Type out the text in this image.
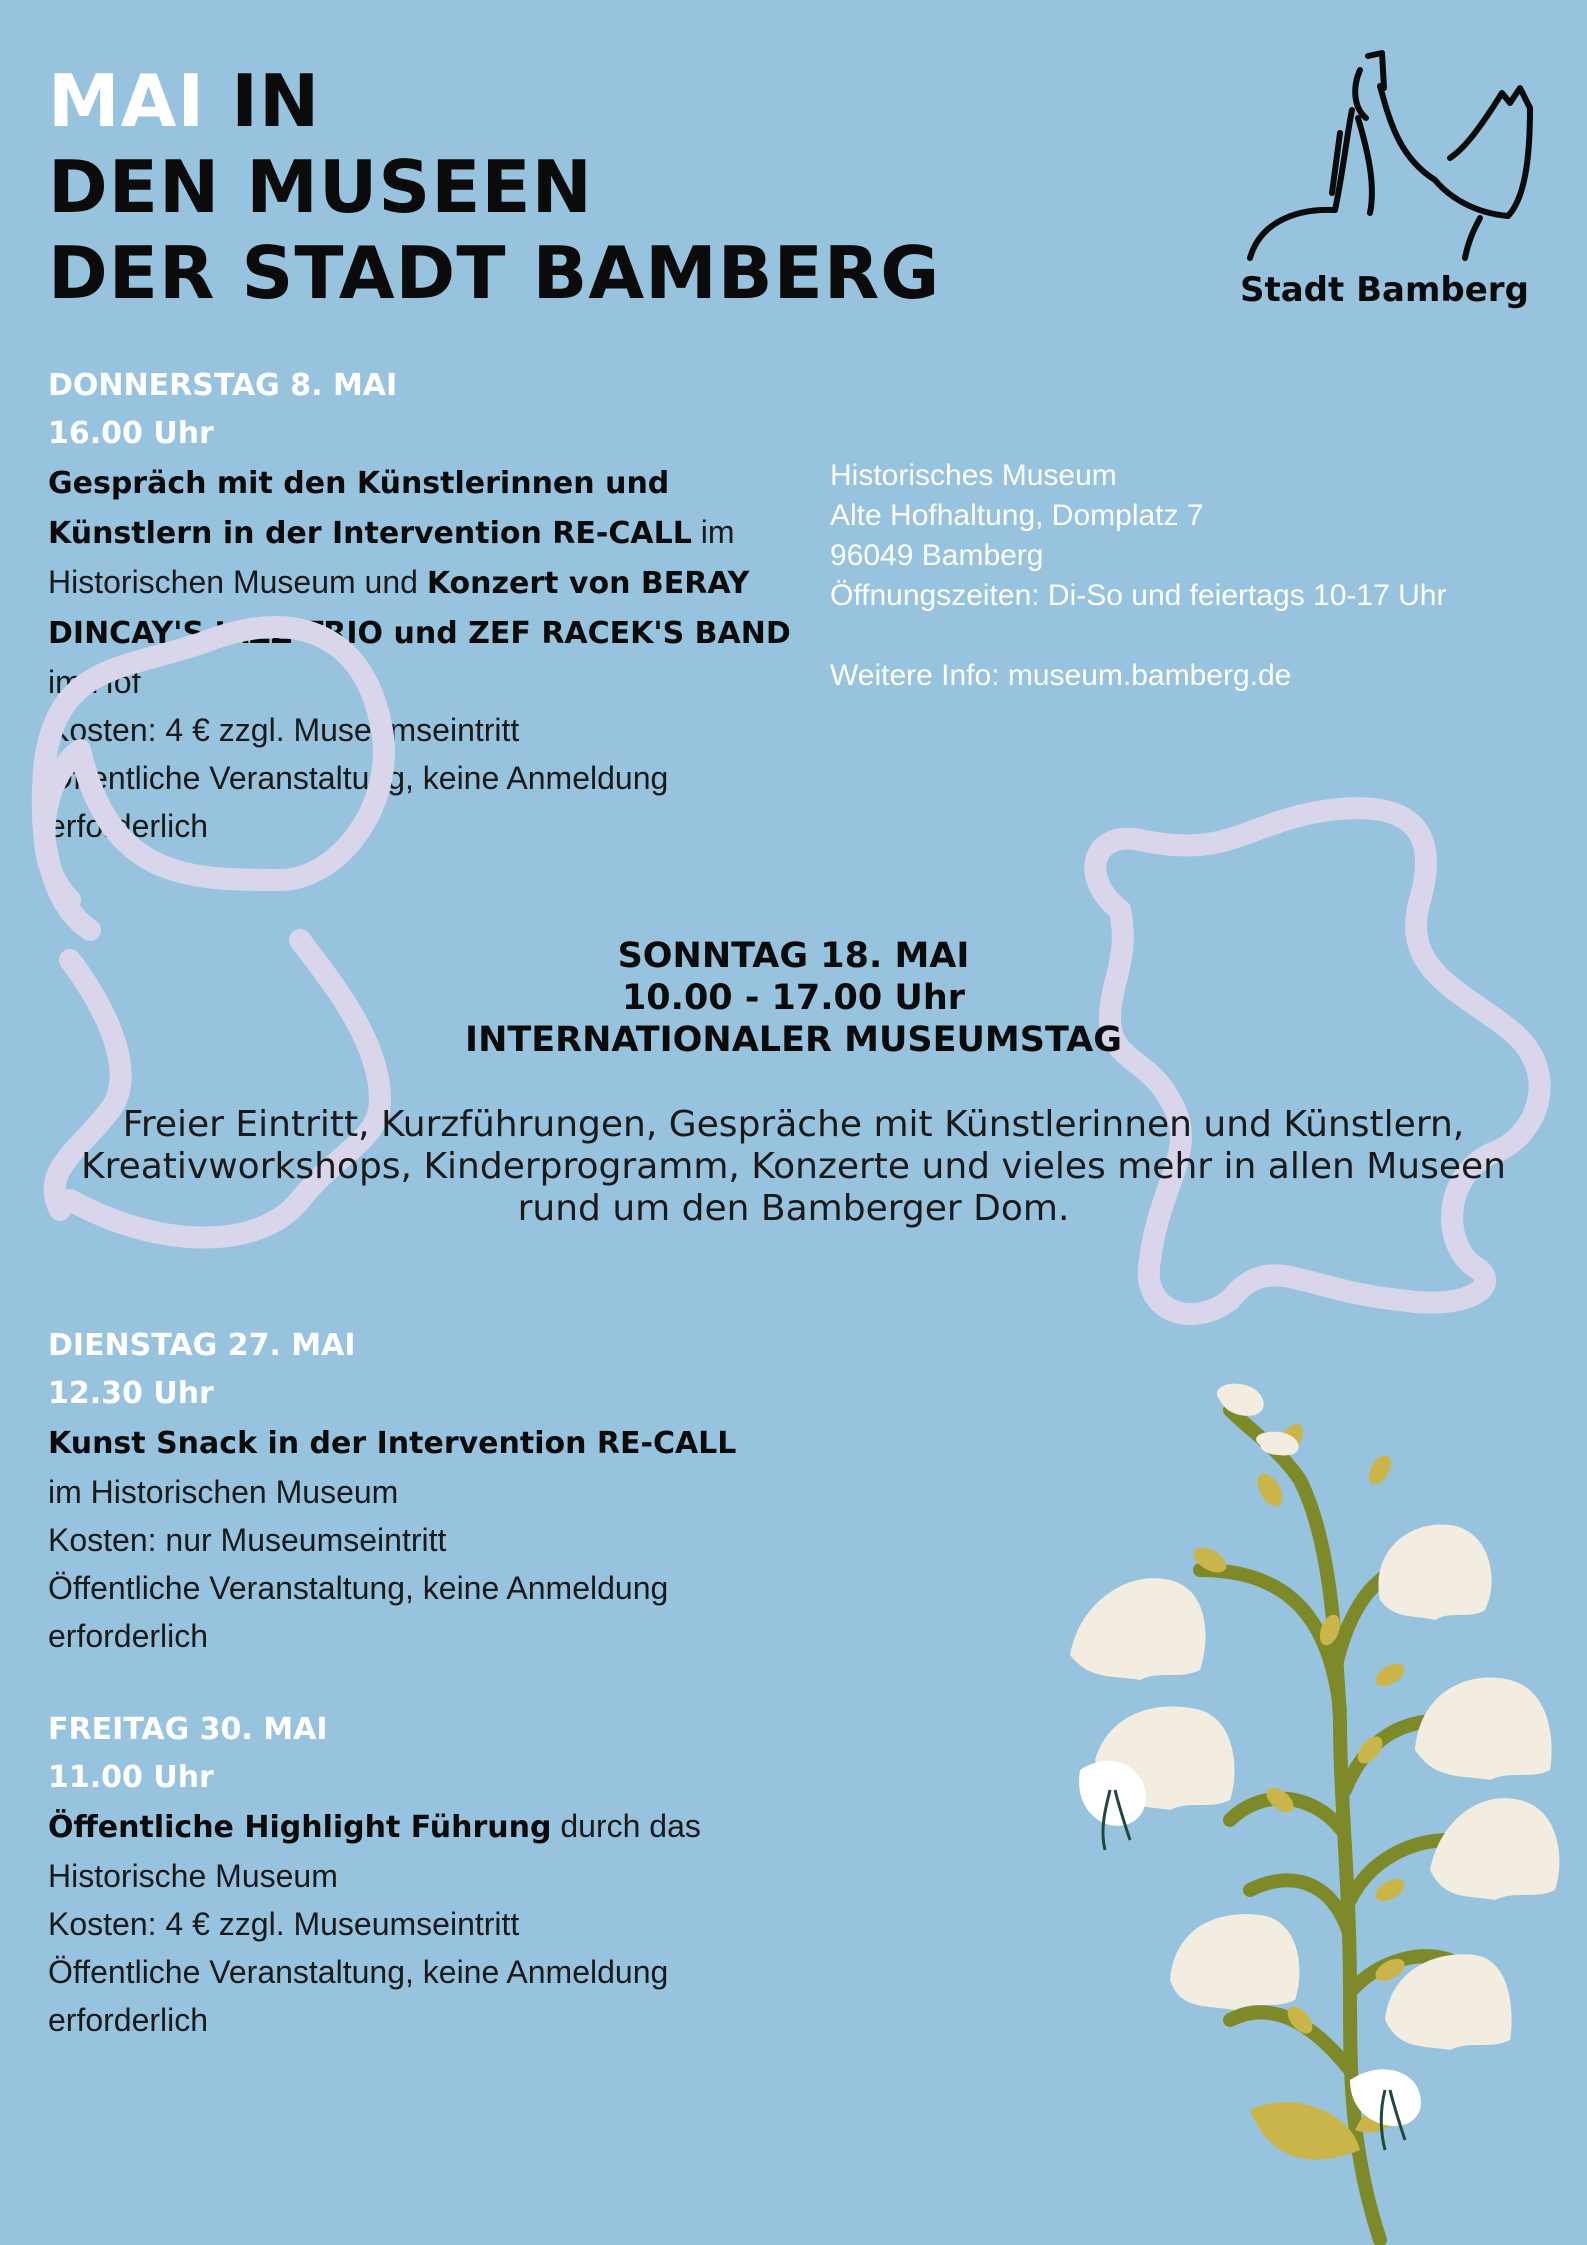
MAI IN
DEN MUSEEN
DER STADT BAMBERG	Stadt Bamberg

DONNERSTAG 8. MAI

16.00 Uhr

Gespräch mit den Künstlerinnen und Künstlern in der Intervention RE-CALL im Historischen Museum und Konzert von BERAY DINCAY'S JAZZ TRIO und ZEF RACEK'S BAND im Hof

Kosten: 4 € zzgl. Museumseintritt

Öffentliche Veranstaltung, keine Anmeldung erforderlich

Historisches Museum

Alte Hofhaltung, Domplatz 7

96049 Bamberg

Öffnungszeiten: Di-So und feiertags 10-17 Uhr

Weitere Info: museum.bamberg.de

SONNTAG 18. MAI

10.00 - 17.00 Uhr

INTERNATIONALER MUSEUMSTAG

Freier Eintritt, Kurzführungen, Gespräche mit Künstlerinnen und Künstlern, Kreativworkshops, Kinderprogramm, Konzerte und vieles mehr in allen Museen rund um den Bamberger Dom.

DIENSTAG 27. MAI

12.30 Uhr

Kunst Snack in der Intervention RE-CALL
im Historischen Museum

Kosten: nur Museumseintritt

Öffentliche Veranstaltung, keine Anmeldung erforderlich

FREITAG 30. MAI

11.00 Uhr

Öffentliche Highlight Führung durch das Historische Museum

Kosten: 4 € zzgl. Museumseintritt

Öffentliche Veranstaltung, keine Anmeldung erforderlich
